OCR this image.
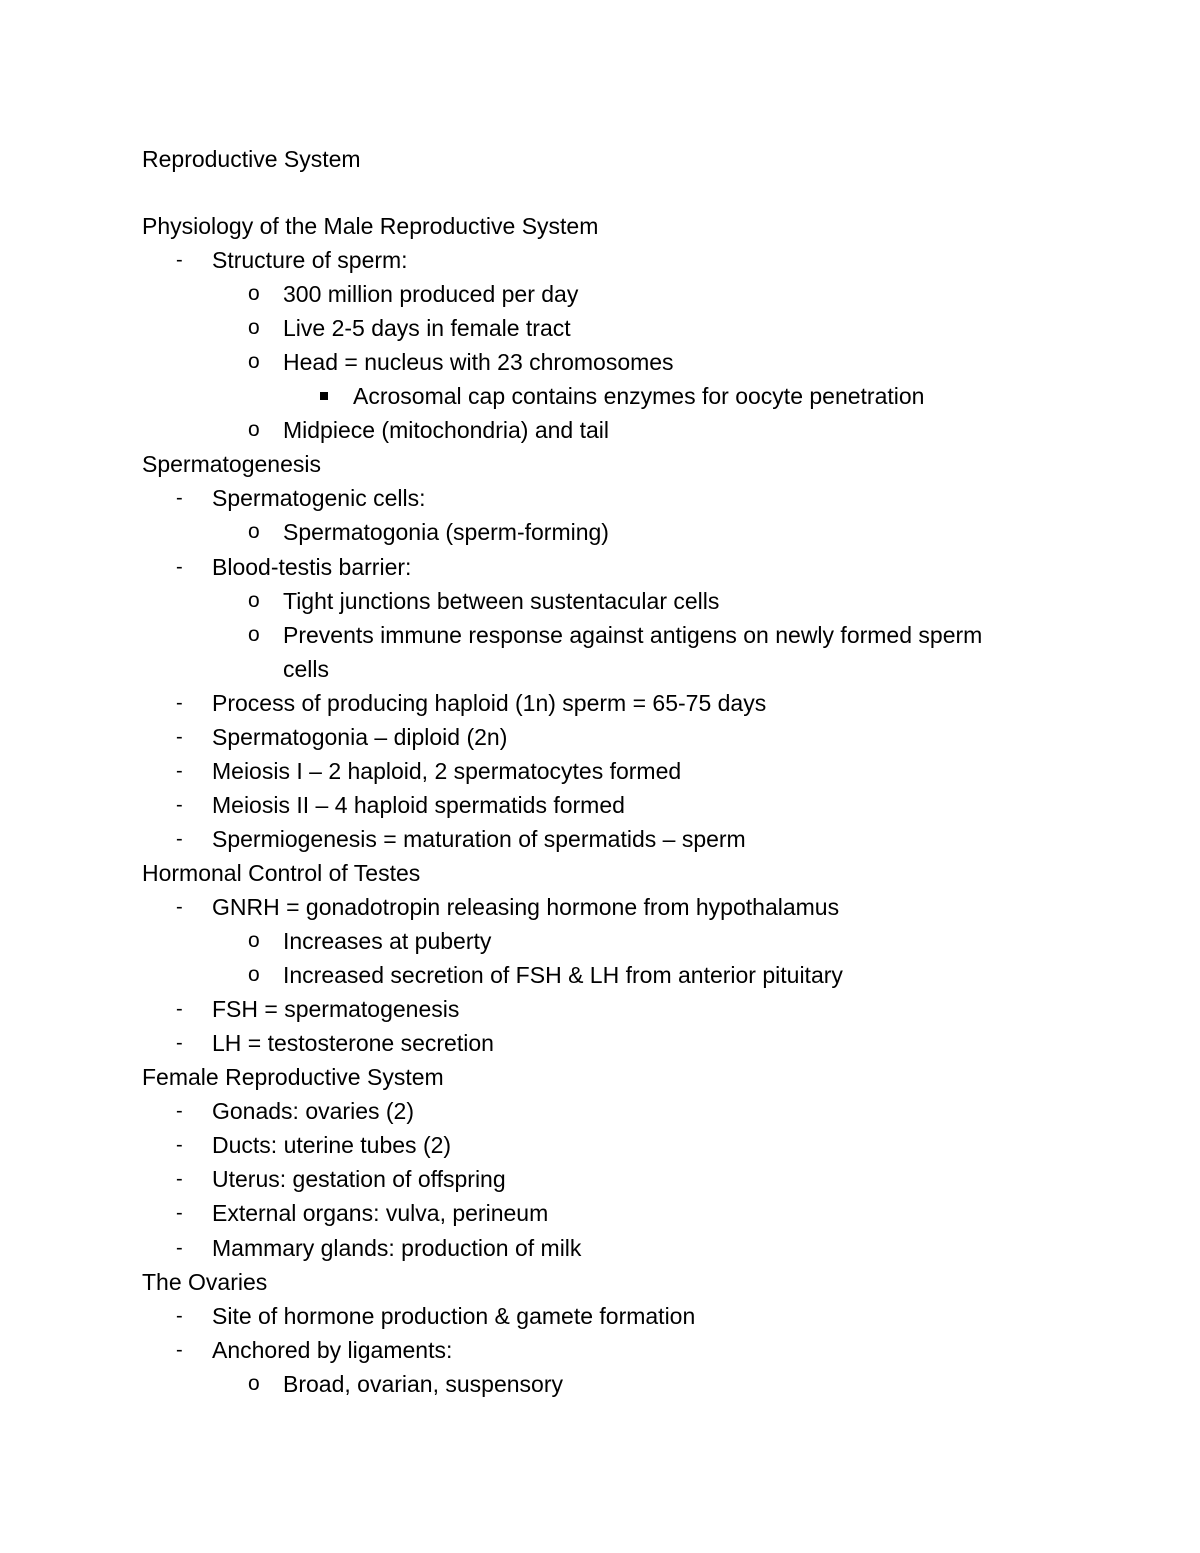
Reproductive System
Physiology of the Male Reproductive System
- Structure of sperm:
o 300 million produced per day
o Live 2-5 days in female tract
o Head = nucleus with 23 chromosomes
Acrosomal cap contains enzymes for oocyte penetration
o Midpiece (mitochondria) and tail
Spermatogenesis
- Spermatogenic cells:
o Spermatogonia (sperm-forming)
- Blood-testis barrier:
o Tight junctions between sustentacular cells
o Prevents immune response against antigens on newly formed sperm
cells
- Process of producing haploid (1n) sperm = 65-75 days
- Spermatogonia – diploid (2n)
- Meiosis I – 2 haploid, 2 spermatocytes formed
- Meiosis II – 4 haploid spermatids formed
- Spermiogenesis = maturation of spermatids – sperm
Hormonal Control of Testes
- GNRH = gonadotropin releasing hormone from hypothalamus
o Increases at puberty
o Increased secretion of FSH & LH from anterior pituitary
- FSH = spermatogenesis
- LH = testosterone secretion
Female Reproductive System
- Gonads: ovaries (2)
- Ducts: uterine tubes (2)
- Uterus: gestation of offspring
- External organs: vulva, perineum
- Mammary glands: production of milk
The Ovaries
- Site of hormone production & gamete formation
- Anchored by ligaments:
o Broad, ovarian, suspensory
